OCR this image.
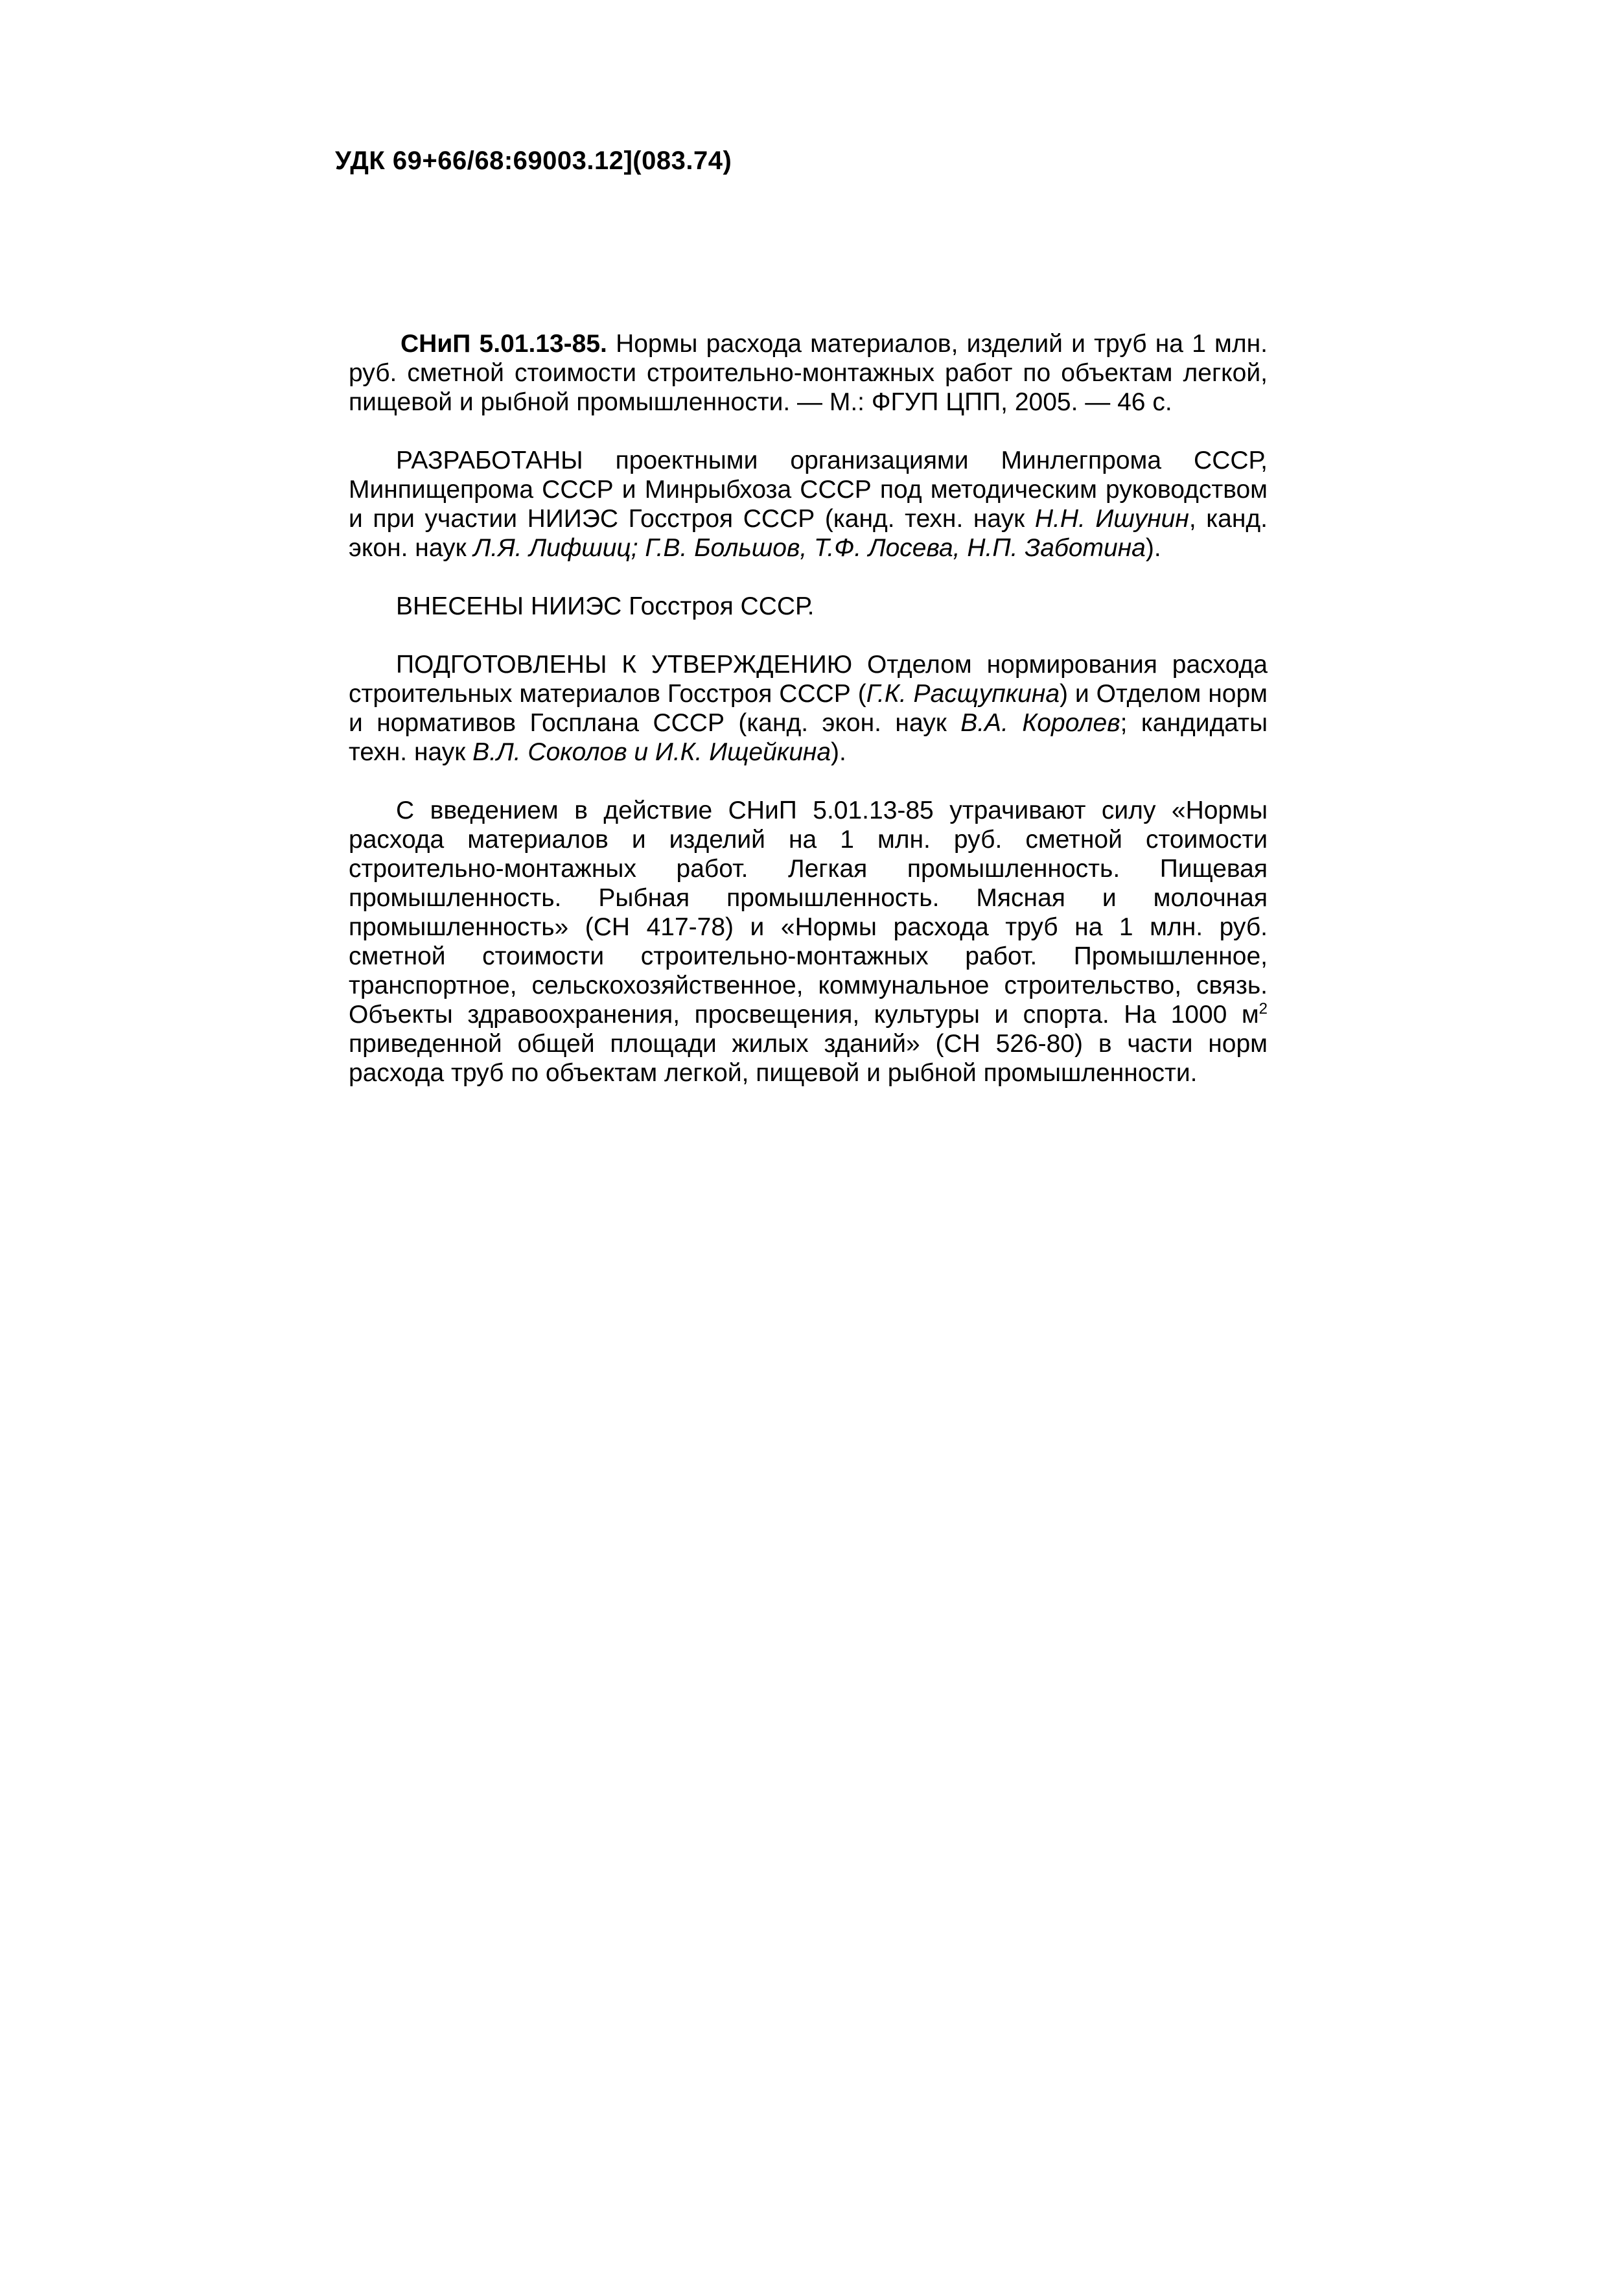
УДК 69+66/68:69003.12](083.74)

СНиП 5.01.13-85. Нормы расхода материалов, изделий и труб на 1 млн. руб. сметной стоимости строительно-монтажных работ по объектам легкой, пищевой и рыбной промышленности. — М.: ФГУП ЦПП, 2005. — 46 с.

РАЗРАБОТАНЫ проектными организациями Минлегпрома СССР, Минпищепрома СССР и Минрыбхоза СССР под методическим руководством и при участии НИИЭС Госстроя СССР (канд. техн. наук Н.Н. Ишунин, канд. экон. наук Л.Я. Лифшиц; Г.В. Большов, Т.Ф. Лосева, Н.П. Заботина).

ВНЕСЕНЫ НИИЭС Госстроя СССР.

ПОДГОТОВЛЕНЫ К УТВЕРЖДЕНИЮ Отделом нормирования расхода строительных материалов Госстроя СССР (Г.К. Расщупкина) и Отделом норм и нормативов Госплана СССР (канд. экон. наук В.А. Королев; кандидаты техн. наук В.Л. Соколов и И.К. Ищейкина).

С введением в действие СНиП 5.01.13-85 утрачивают силу «Нормы расхода материалов и изделий на 1 млн. руб. сметной стоимости строительно-монтажных работ. Легкая промышленность. Пищевая промышленность. Рыбная промышленность. Мясная и молочная промышленность» (СН 417-78) и «Нормы расхода труб на 1 млн. руб. сметной стоимости строительно-монтажных работ. Промышленное, транспортное, сельскохозяйственное, коммунальное строительство, связь. Объекты здравоохранения, просвещения, культуры и спорта. На 1000 $м^2$ приведенной общей площади жилых зданий» (СН 526-80) в части норм расхода труб по объектам легкой, пищевой и рыбной промышленности.
